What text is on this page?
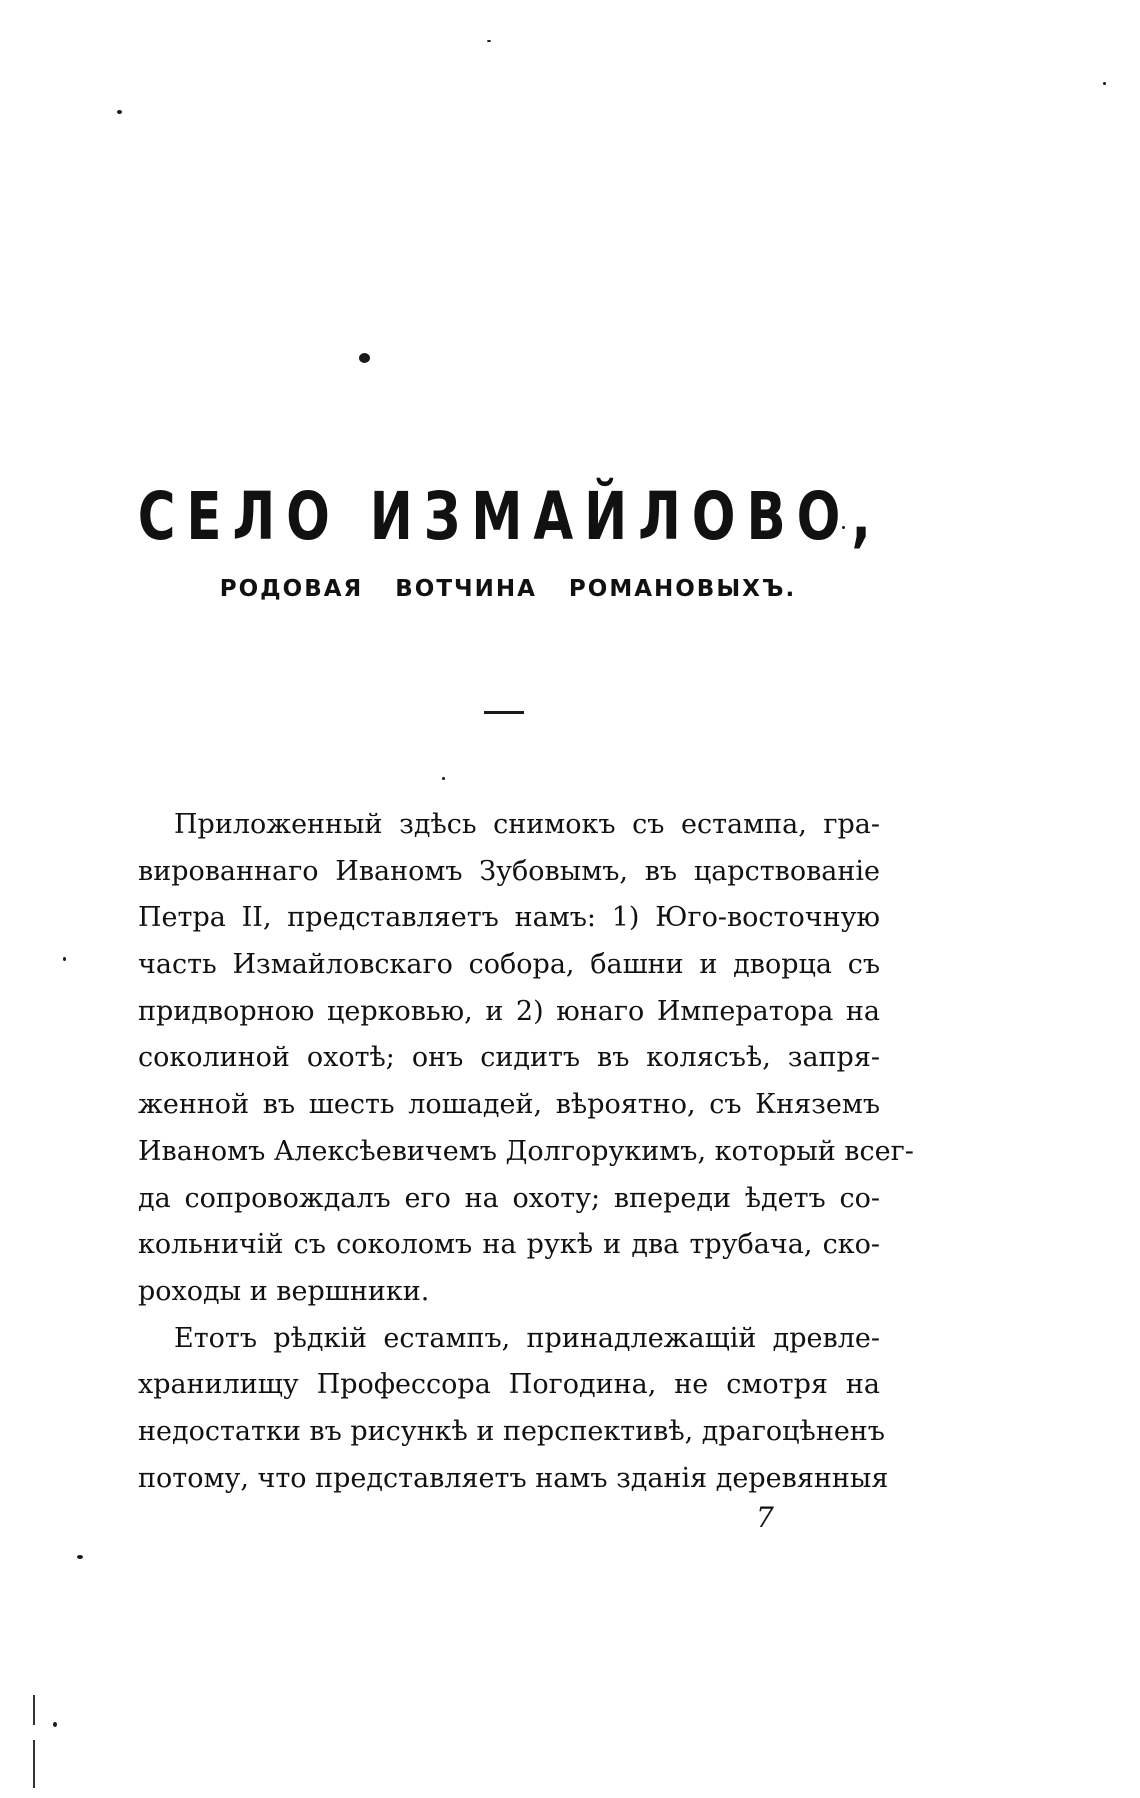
СЕЛО ИЗМАЙЛОВО,
РОДОВАЯ ВОТЧИНА РОМАНОВЫХЪ.
Приложенный здѣсь снимокъ съ естампа, гра-
вированнаго Иваномъ Зубовымъ, въ царствованіе
Петра II, представляетъ намъ: 1) Юго-восточную
часть Измайловскаго собора, башни и дворца съ
придворною церковью, и 2) юнаго Императора на
соколиной охотѣ; онъ сидитъ въ колясъѣ, запря-
женной въ шесть лошадей, вѣроятно, съ Княземъ
Иваномъ Алексѣевичемъ Долгорукимъ, который всег-
да сопровождалъ его на охоту; впереди ѣдетъ со-
кольничій съ соколомъ на рукѣ и два трубача, ско-
роходы и вершники.
Етотъ рѣдкій естампъ, принадлежащій древле-
хранилищу Профессора Погодина, не смотря на
недостатки въ рисункѣ и перспективѣ, драгоцѣненъ
потому, что представляетъ намъ зданія деревянныя
7
